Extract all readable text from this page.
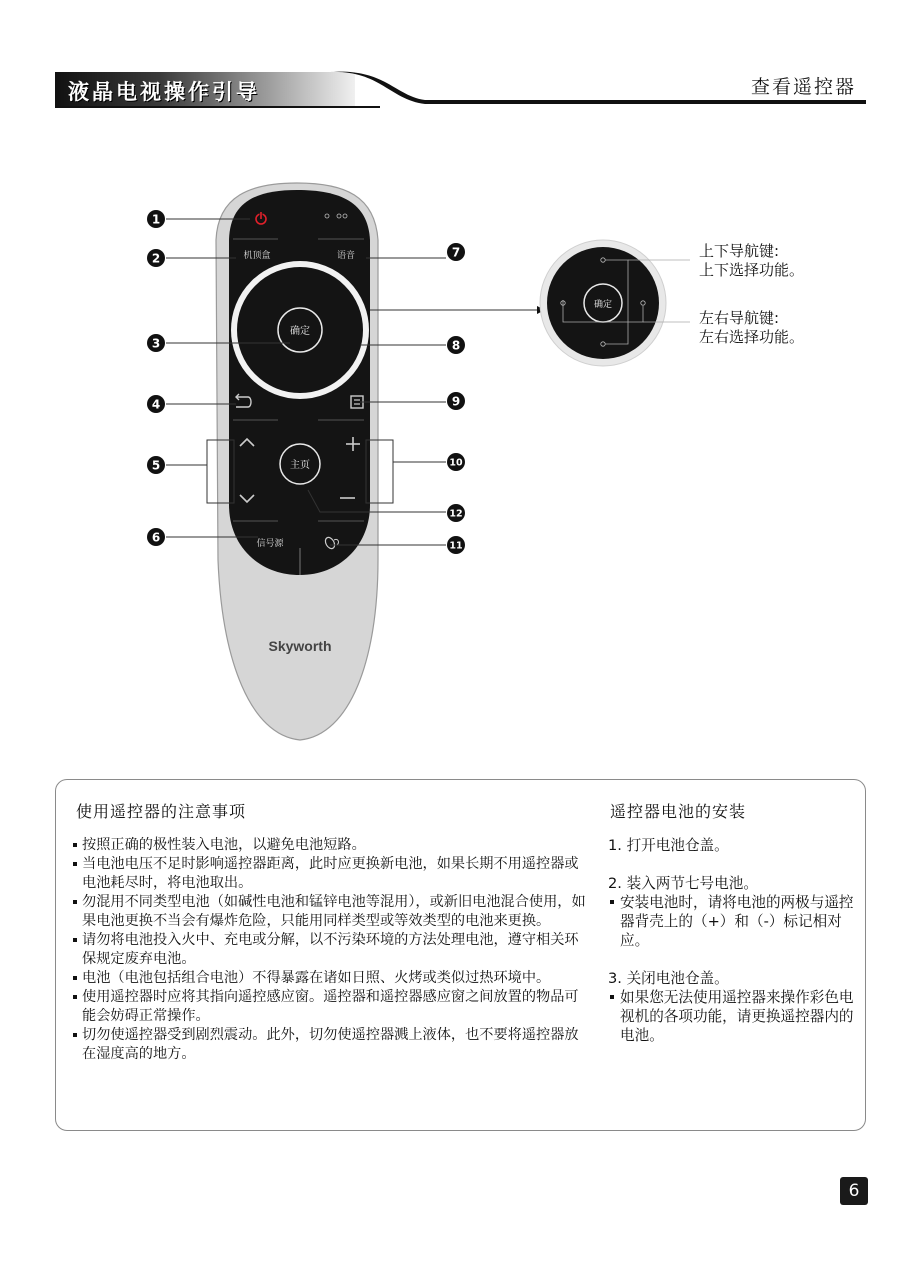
液晶电视操作引导	查看遥控器
机顶盒	语音
确定
主页
信号源
Skyworth
1
2
3
4
5
6
7
8
9
10
12
11
确定
上下导航键:
上下选择功能。
左右导航键:
左右选择功能。
使用遥控器的注意事项
按照正确的极性装入电池，以避免电池短路。
当电池电压不足时影响遥控器距离，此时应更换新电池，如果长期不用遥控器或电池耗尽时，将电池取出。
勿混用不同类型电池（如碱性电池和锰锌电池等混用），或新旧电池混合使用，如果电池更换不当会有爆炸危险，只能用同样类型或等效类型的电池来更换。
请勿将电池投入火中、充电或分解，以不污染环境的方法处理电池，遵守相关环保规定废弃电池。
电池（电池包括组合电池）不得暴露在诸如日照、火烤或类似过热环境中。
使用遥控器时应将其指向遥控感应窗。遥控器和遥控器感应窗之间放置的物品可能会妨碍正常操作。
切勿使遥控器受到剧烈震动。此外，切勿使遥控器溅上液体，也不要将遥控器放在湿度高的地方。
遥控器电池的安装
1. 打开电池仓盖。
2. 装入两节七号电池。
安装电池时，请将电池的两极与遥控器背壳上的（+）和（-）标记相对应。
3. 关闭电池仓盖。
如果您无法使用遥控器来操作彩色电视机的各项功能，请更换遥控器内的电池。
6
